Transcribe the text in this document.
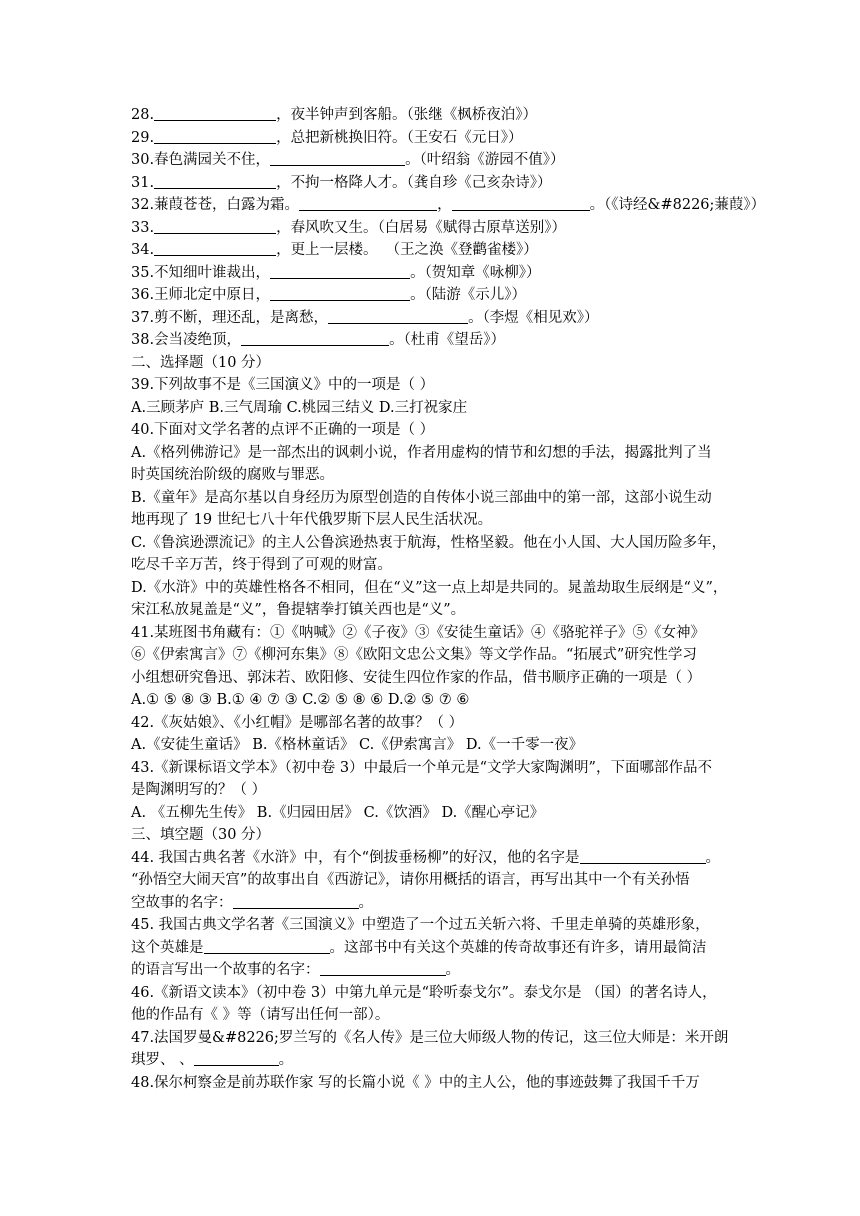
28.	，夜半钟声到客船。（张继《枫桥夜泊》）
29.	，总把新桃换旧符。（王安石《元日》）
30.春色满园关不住，	。（叶绍翁《游园不值》）
31.	，不拘一格降人才。（龚自珍《己亥杂诗》）
32.蒹葭苍苍，白露为霜。	，	。（《诗经&#8226;蒹葭》）
33.	，春风吹又生。（白居易《赋得古原草送别》）
34.	，更上一层楼。 （王之涣《登鹳雀楼》）
35.不知细叶谁裁出，	。（贺知章《咏柳》）
36.王师北定中原日，	。（陆游《示儿》）
37.剪不断，理还乱，是离愁，	。（李煜《相见欢》）
38.会当凌绝顶，	。（杜甫《望岳》）
二、选择题（10 分）
39.下列故事不是《三国演义》中的一项是（ ）
A.三顾茅庐 B.三气周瑜 C.桃园三结义 D.三打祝家庄
40.下面对文学名著的点评不正确的一项是（ ）
A.《格列佛游记》是一部杰出的讽刺小说，作者用虚构的情节和幻想的手法，揭露批判了当
时英国统治阶级的腐败与罪恶。
B.《童年》是高尔基以自身经历为原型创造的自传体小说三部曲中的第一部，这部小说生动
地再现了 19 世纪七八十年代俄罗斯下层人民生活状况。
C.《鲁滨逊漂流记》的主人公鲁滨逊热衷于航海，性格坚毅。他在小人国、大人国历险多年，
吃尽千辛万苦，终于得到了可观的财富。
D.《水浒》中的英雄性格各不相同，但在“义”这一点上却是共同的。晁盖劫取生辰纲是“义”，
宋江私放晁盖是“义”，鲁提辖拳打镇关西也是“义”。
41.某班图书角藏有：①《呐喊》②《子夜》③《安徒生童话》④《骆驼祥子》⑤《女神》
⑥《伊索寓言》⑦《柳河东集》⑧《欧阳文忠公文集》等文学作品。“拓展式”研究性学习
小组想研究鲁迅、郭沫若、欧阳修、安徒生四位作家的作品，借书顺序正确的一项是（ ）
A.① ⑤ ⑧ ③ B.① ④ ⑦ ③ C.② ⑤ ⑧ ⑥ D.② ⑤ ⑦ ⑥
42.《灰姑娘》、《小红帽》是哪部名著的故事？（ ）
A.《安徒生童话》 B.《格林童话》 C.《伊索寓言》 D.《一千零一夜》
43.《新课标语文学本》（初中卷 3）中最后一个单元是“文学大家陶渊明”，下面哪部作品不
是陶渊明写的？（ ）
A. 《五柳先生传》 B.《归园田居》 C.《饮酒》 D.《醒心亭记》
三、填空题（30 分）
44. 我国古典名著《水浒》中，有个“倒拔垂杨柳”的好汉，他的名字是	。
“孙悟空大闹天宫”的故事出自《西游记》，请你用概括的语言，再写出其中一个有关孙悟
空故事的名字：	。
45. 我国古典文学名著《三国演义》中塑造了一个过五关斩六将、千里走单骑的英雄形象，
这个英雄是	。这部书中有关这个英雄的传奇故事还有许多，请用最简洁
的语言写出一个故事的名字：	。
46.《新语文读本》（初中卷 3）中第九单元是“聆听泰戈尔”。泰戈尔是 （国）的著名诗人，
他的作品有《 》等（请写出任何一部）。
47.法国罗曼&#8226;罗兰写的《名人传》是三位大师级人物的传记，这三位大师是：米开朗
琪罗、 、	。
48.保尔柯察金是前苏联作家 写的长篇小说《 》中的主人公，他的事迹鼓舞了我国千千万
